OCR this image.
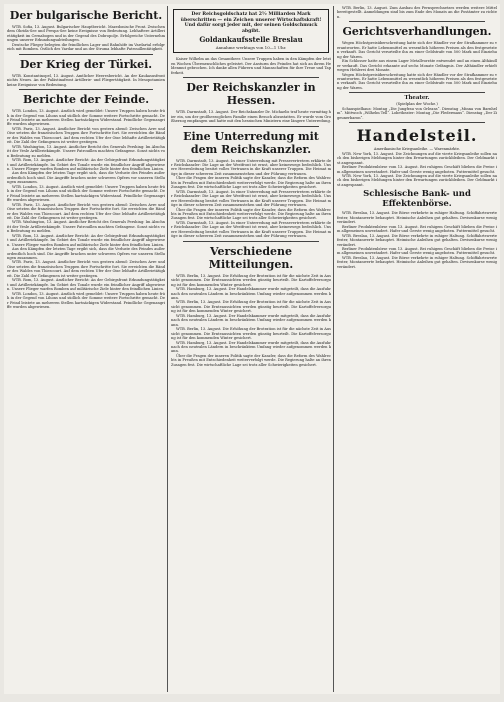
Der bulgarische Bericht.

WTB. Sofia, 13. August. Bulgarischer Hauptbericht. Mazedonische Front. Zwischen dem Ohrida-See und Prespa-See keine Ereignisse von Bedeutung. Lebhaftere Artillerietätigkeit im Cernabogen und in der Gegend des Dobropolje. Erfolgreiche Unternehmungen unserer Erkundungsabteilungen.

Deutsche Flieger belegten die feindlichen Lager und Bahnhöfe im Vardartal erfolgreich mit Bomben. Östlich des Vardar und an der Struma lebhafte Patrouillentätigkeit.

Der Krieg der Türkei.

WTB. Konstantinopel, 13. August. Amtlicher Heeresbericht. An der Kaukasusfront nichts Neues. An der Palästinafront Artillerie- und Fliegertätigkeit. In Mesopotamien keine Ereignisse von Bedeutung.

Berichte der Feinde.

WTB. London, 13. August. Amtlich wird gemeldet: Unsere Truppen haben heute früh in der Gegend von Lihons und südlich der Somme weitere Fortschritte gemacht. Der Feind leistete an mehreren Stellen hartnäckigen Widerstand. Feindliche Gegenangriffe wurden abgewiesen.

WTB. Paris, 13. August. Amtlicher Bericht von gestern abend: Zwischen Avre und Oise setzten die französischen Truppen ihre Fortschritte fort. Sie erreichten die Ränder des Waldes von Thiescourt. Auf dem rechten Ufer der Oise lebhafte Artillerietätigkeit. Die Zahl der Gefangenen ist weiter gestiegen.

WTB. Washington, 13. August. Amtlicher Bericht des Generals Pershing: Im Abschnitt der Vesle Artilleriekämpfe. Unsere Patrouillen machten Gefangene. Sonst nichts von Bedeutung zu melden.

WTB. Rom, 13. August. Amtlicher Bericht: An der Gebirgsfront Erkundungstätigkeit und Artilleriekämpfe. Im Gebiet des Tonale wurde ein feindlicher Angriff abgewiesen. Unsere Flieger warfen Bomben auf militärische Ziele hinter den feindlichen Linien.

Aus den Kämpfen der letzten Tage ergibt sich, dass die Verluste des Feindes außerordentlich hoch sind. Die Angriffe brachen unter schweren Opfern vor unseren Stellungen zusammen.

WTB. London, 13. August. Amtlich wird gemeldet: Unsere Truppen haben heute früh in der Gegend von Lihons und südlich der Somme weitere Fortschritte gemacht. Der Feind leistete an mehreren Stellen hartnäckigen Widerstand. Feindliche Gegenangriffe wurden abgewiesen.

WTB. Paris, 13. August. Amtlicher Bericht von gestern abend: Zwischen Avre und Oise setzten die französischen Truppen ihre Fortschritte fort. Sie erreichten die Ränder des Waldes von Thiescourt. Auf dem rechten Ufer der Oise lebhafte Artillerietätigkeit. Die Zahl der Gefangenen ist weiter gestiegen.

WTB. Washington, 13. August. Amtlicher Bericht des Generals Pershing: Im Abschnitt der Vesle Artilleriekämpfe. Unsere Patrouillen machten Gefangene. Sonst nichts von Bedeutung zu melden.

WTB. Rom, 13. August. Amtlicher Bericht: An der Gebirgsfront Erkundungstätigkeit und Artilleriekämpfe. Im Gebiet des Tonale wurde ein feindlicher Angriff abgewiesen. Unsere Flieger warfen Bomben auf militärische Ziele hinter den feindlichen Linien.

Aus den Kämpfen der letzten Tage ergibt sich, dass die Verluste des Feindes außerordentlich hoch sind. Die Angriffe brachen unter schweren Opfern vor unseren Stellungen zusammen.

WTB. Paris, 13. August. Amtlicher Bericht von gestern abend: Zwischen Avre und Oise setzten die französischen Truppen ihre Fortschritte fort. Sie erreichten die Ränder des Waldes von Thiescourt. Auf dem rechten Ufer der Oise lebhafte Artillerietätigkeit. Die Zahl der Gefangenen ist weiter gestiegen.

WTB. Rom, 13. August. Amtlicher Bericht: An der Gebirgsfront Erkundungstätigkeit und Artilleriekämpfe. Im Gebiet des Tonale wurde ein feindlicher Angriff abgewiesen. Unsere Flieger warfen Bomben auf militärische Ziele hinter den feindlichen Linien.

WTB. London, 13. August. Amtlich wird gemeldet: Unsere Truppen haben heute früh in der Gegend von Lihons und südlich der Somme weitere Fortschritte gemacht. Der Feind leistete an mehreren Stellen hartnäckigen Widerstand. Feindliche Gegenangriffe wurden abgewiesen.

Der Reichsgoldschatz hat 2½ Milliarden Mark überschritten — ein Zeichen unserer Wirtschaftskraft! Und dafür sorgt jeder mit, der seinen Goldschmuck abgibt.
Goldankaufsstelle Breslau
Annahme werktags von 10—1 Uhr.

Kaiser Wilhelm an das Gesamtheer. Unsere Truppen haben in den Kämpfen der letzten Wochen Übermenschliches geleistet. Der Ansturm des Feindes hat sich an ihrem Heldenmut gebrochen. Ich danke allen Führern und Mannschaften für ihre Treue und Tapferkeit.

Der Reichskanzler in Hessen.

WTB. Darmstadt, 13. August. Der Reichskanzler Dr. Michaelis traf heute vormittag hier ein, um der großherzoglichen Familie einen Besuch abzustatten. Er wurde vom Großherzog empfangen und hatte mit den hessischen Ministern eine längere Unterredung.

Eine Unterredung mit dem Reichskanzler.

WTB. Darmstadt, 13. August. In einer Unterredung mit Pressevertretern erklärte der Reichskanzler: Die Lage an der Westfront ist ernst, aber keineswegs bedrohlich. Unsere Heeresleitung besitzt volles Vertrauen in die Kraft unserer Truppen. Die Heimat möge in dieser schweren Zeit zusammenstehen und der Führung vertrauen.

Über die Fragen der inneren Politik sagte der Kanzler, dass die Reform des Wahlrechts in Preußen mit Entschiedenheit weiterverfolgt werde. Die Regierung halte an ihren Zusagen fest. Die wirtschaftliche Lage sei trotz aller Schwierigkeiten gesichert.

WTB. Darmstadt, 13. August. In einer Unterredung mit Pressevertretern erklärte der Reichskanzler: Die Lage an der Westfront ist ernst, aber keineswegs bedrohlich. Unsere Heeresleitung besitzt volles Vertrauen in die Kraft unserer Truppen. Die Heimat möge in dieser schweren Zeit zusammenstehen und der Führung vertrauen.

Über die Fragen der inneren Politik sagte der Kanzler, dass die Reform des Wahlrechts in Preußen mit Entschiedenheit weiterverfolgt werde. Die Regierung halte an ihren Zusagen fest. Die wirtschaftliche Lage sei trotz aller Schwierigkeiten gesichert.

WTB. Darmstadt, 13. August. In einer Unterredung mit Pressevertretern erklärte der Reichskanzler: Die Lage an der Westfront ist ernst, aber keineswegs bedrohlich. Unsere Heeresleitung besitzt volles Vertrauen in die Kraft unserer Truppen. Die Heimat möge in dieser schweren Zeit zusammenstehen und der Führung vertrauen.

Verschiedene Mitteilungen.

WTB. Berlin, 13. August. Die Erhöhung der Brotration ist für die nächste Zeit in Aussicht genommen. Die Ernteaussichten werden günstig beurteilt. Die Kartoffelversorgung ist für den kommenden Winter gesichert.

WTB. Hamburg, 13. August. Der Handelskammer wurde mitgeteilt, dass die Ausfuhr nach den neutralen Ländern in beschränktem Umfang wieder aufgenommen werden kann.

WTB. Berlin, 13. August. Die Erhöhung der Brotration ist für die nächste Zeit in Aussicht genommen. Die Ernteaussichten werden günstig beurteilt. Die Kartoffelversorgung ist für den kommenden Winter gesichert.

WTB. Hamburg, 13. August. Der Handelskammer wurde mitgeteilt, dass die Ausfuhr nach den neutralen Ländern in beschränktem Umfang wieder aufgenommen werden kann.

WTB. Berlin, 13. August. Die Erhöhung der Brotration ist für die nächste Zeit in Aussicht genommen. Die Ernteaussichten werden günstig beurteilt. Die Kartoffelversorgung ist für den kommenden Winter gesichert.

WTB. Hamburg, 13. August. Der Handelskammer wurde mitgeteilt, dass die Ausfuhr nach den neutralen Ländern in beschränktem Umfang wieder aufgenommen werden kann.

Über die Fragen der inneren Politik sagte der Kanzler, dass die Reform des Wahlrechts in Preußen mit Entschiedenheit weiterverfolgt werde. Die Regierung halte an ihren Zusagen fest. Die wirtschaftliche Lage sei trotz aller Schwierigkeiten gesichert.

WTB. Berlin, 13. August. Zum Ausbau des Fernsprechnetzes werden weitere Mittel bereitgestellt. Anmeldungen sind bis zum Ende des Monats an die Postämter zu richten.

Gerichtsverhandlungen.

Wegen Höchstpreisüberschreitung hatte sich der Händler vor der Strafkammer zu verantworten. Er hatte Lebensmittel zu wesentlich höheren Preisen als den festgesetzten verkauft. Das Gericht verurteilte ihn zu einer Geldstrafe von 500 Mark und Einziehung der Waren.

Ein Schlosser hatte aus einem Lager Metallvorräte entwendet und an einen Althändler verkauft. Das Gericht erkannte auf sechs Monate Gefängnis. Der Althändler erhielt wegen Hehlerei drei Monate.

Wegen Höchstpreisüberschreitung hatte sich der Händler vor der Strafkammer zu verantworten. Er hatte Lebensmittel zu wesentlich höheren Preisen als den festgesetzten verkauft. Das Gericht verurteilte ihn zu einer Geldstrafe von 500 Mark und Einziehung der Waren.

Theater.
(Spielplan der Woche.)

Schauspielhaus: Montag „Die Jungfrau von Orleans“. Dienstag „Minna von Barnhelm“. Mittwoch „Wilhelm Tell“. Lobetheater: Montag „Die Fledermaus“. Dienstag „Der Zigeunerbaron“.

Handelsteil.
Amerikanische Kriegsanleihe. — Warenmärkte.

WTB. New York, 13. August. Die Zeichnungen auf die vierte Kriegsanleihe sollen nach den bisherigen Meldungen hinter den Erwartungen zurückbleiben. Der Geldmarkt ist angespannt.

Berliner Produktenbörse vom 13. August. Bei ruhigem Geschäft blieben die Preise im allgemeinen unverändert. Hafer und Gerste wenig angeboten. Futtermittel gesucht.

WTB. New York, 13. August. Die Zeichnungen auf die vierte Kriegsanleihe sollen nach den bisherigen Meldungen hinter den Erwartungen zurückbleiben. Der Geldmarkt ist angespannt.

Schlesische Bank- und Effektenbörse.

WTB. Breslau, 13. August. Die Börse verkehrte in ruhiger Haltung. Schiffahrtswerte fester, Montanwerte behauptet. Heimische Anleihen gut gehalten. Devisenkurse wenig verändert.

Berliner Produktenbörse vom 13. August. Bei ruhigem Geschäft blieben die Preise im allgemeinen unverändert. Hafer und Gerste wenig angeboten. Futtermittel gesucht.

WTB. Breslau, 13. August. Die Börse verkehrte in ruhiger Haltung. Schiffahrtswerte fester, Montanwerte behauptet. Heimische Anleihen gut gehalten. Devisenkurse wenig verändert.

Berliner Produktenbörse vom 13. August. Bei ruhigem Geschäft blieben die Preise im allgemeinen unverändert. Hafer und Gerste wenig angeboten. Futtermittel gesucht.

WTB. Breslau, 13. August. Die Börse verkehrte in ruhiger Haltung. Schiffahrtswerte fester, Montanwerte behauptet. Heimische Anleihen gut gehalten. Devisenkurse wenig verändert.
